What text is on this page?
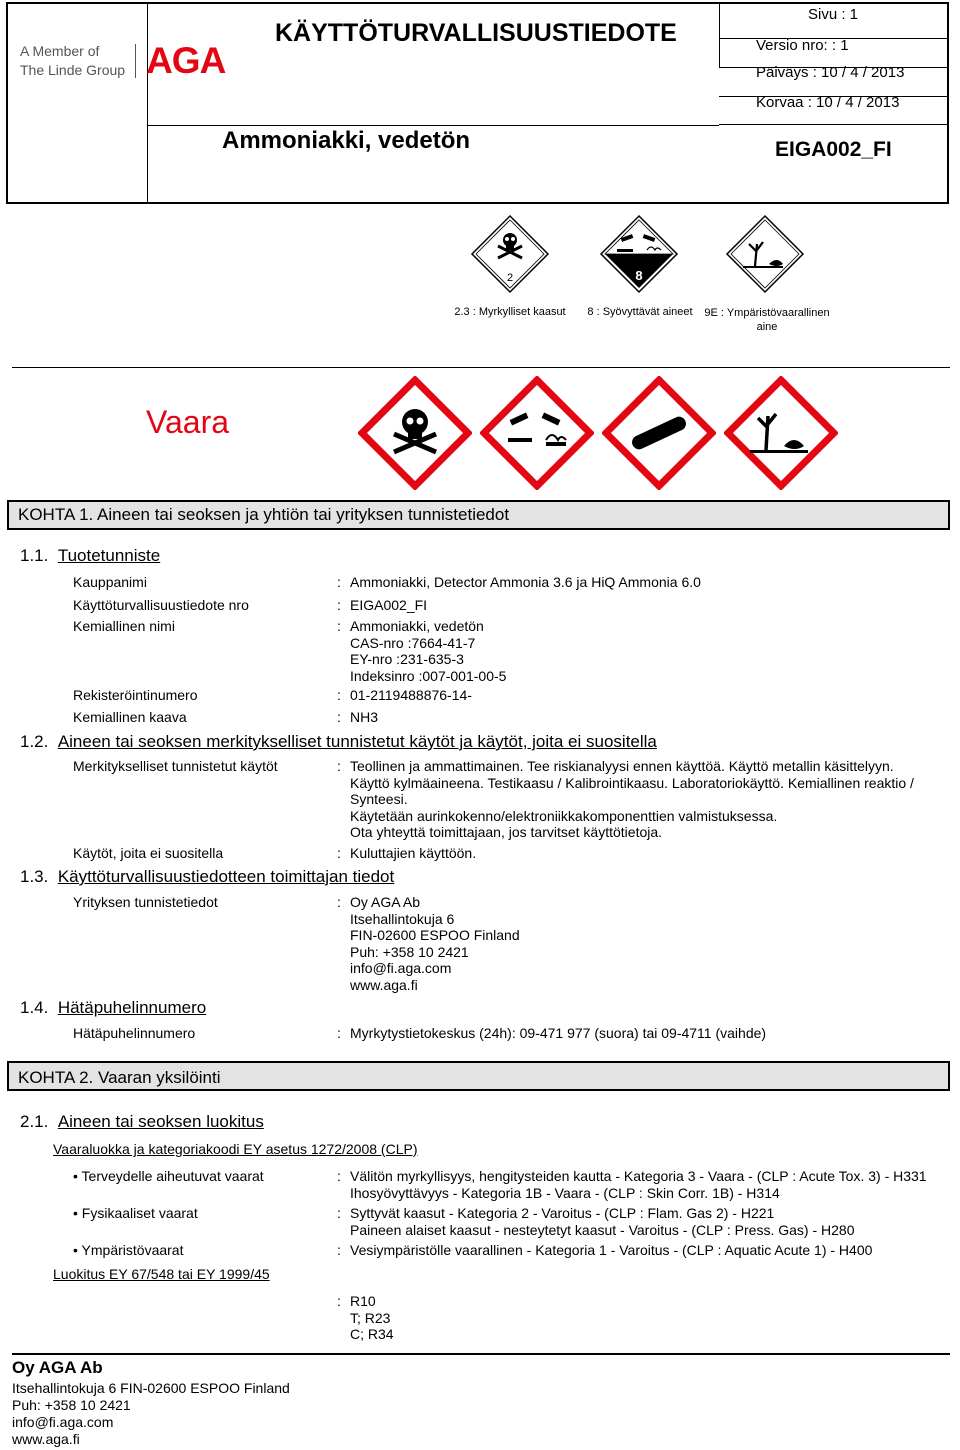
A Member of
The Linde Group AGA
KÄYTTÖTURVALLISUUSTIEDOTE
Ammoniakki, vedetön
Sivu : 1
Versio nro: : 1
Päiväys : 10 / 4 / 2013
Korvaa : 10 / 4 / 2013
EIGA002_FI
2	8
2.3 : Myrkylliset kaasut	8 : Syövyttävät aineet	9E : Ympäristövaarallinen aine
Vaara
KOHTA 1. Aineen tai seoksen ja yhtiön tai yrityksen tunnistetiedot
1.1. Tuotetunniste
Kauppanimi	: Ammoniakki, Detector Ammonia 3.6 ja HiQ Ammonia 6.0
Käyttöturvallisuustiedote nro	: EIGA002_FI
Kemiallinen nimi	: Ammoniakki, vedetön
CAS-nro :7664-41-7
EY-nro :231-635-3
Indeksinro :007-001-00-5
Rekisteröintinumero	: 01-2119488876-14-
Kemiallinen kaava	: NH3
1.2. Aineen tai seoksen merkitykselliset tunnistetut käytöt ja käytöt, joita ei suositella
Merkitykselliset tunnistetut käytöt	: Teollinen ja ammattimainen. Tee riskianalyysi ennen käyttöä. Käyttö metallin käsittelyyn.
Käyttö kylmäaineena. Testikaasu / Kalibrointikaasu. Laboratoriokäyttö. Kemiallinen reaktio /
Synteesi.
Käytetään aurinkokenno/elektroniikkakomponenttien valmistuksessa.
Ota yhteyttä toimittajaan, jos tarvitset käyttötietoja.
Käytöt, joita ei suositella	: Kuluttajien käyttöön.
1.3. Käyttöturvallisuustiedotteen toimittajan tiedot
Yrityksen tunnistetiedot	: Oy AGA Ab
Itsehallintokuja 6
FIN-02600 ESPOO Finland
Puh: +358 10 2421
info@fi.aga.com
www.aga.fi
1.4. Hätäpuhelinnumero
Hätäpuhelinnumero	: Myrkytystietokeskus (24h): 09-471 977 (suora) tai 09-4711 (vaihde)
KOHTA 2. Vaaran yksilöinti
2.1. Aineen tai seoksen luokitus
Vaaraluokka ja kategoriakoodi EY asetus 1272/2008 (CLP)
• Terveydelle aiheutuvat vaarat	: Välitön myrkyllisyys, hengitysteiden kautta - Kategoria 3 - Vaara - (CLP : Acute Tox. 3) - H331
Ihosyövyttävyys - Kategoria 1B - Vaara - (CLP : Skin Corr. 1B) - H314
• Fysikaaliset vaarat	: Syttyvät kaasut - Kategoria 2 - Varoitus - (CLP : Flam. Gas 2) - H221
Paineen alaiset kaasut - nesteytetyt kaasut - Varoitus - (CLP : Press. Gas) - H280
• Ympäristövaarat	: Vesiympäristölle vaarallinen - Kategoria 1 - Varoitus - (CLP : Aquatic Acute 1) - H400
Luokitus EY 67/548 tai EY 1999/45
: R10
T; R23
C; R34
Oy AGA Ab
Itsehallintokuja 6 FIN-02600 ESPOO Finland
Puh: +358 10 2421
info@fi.aga.com
www.aga.fi
